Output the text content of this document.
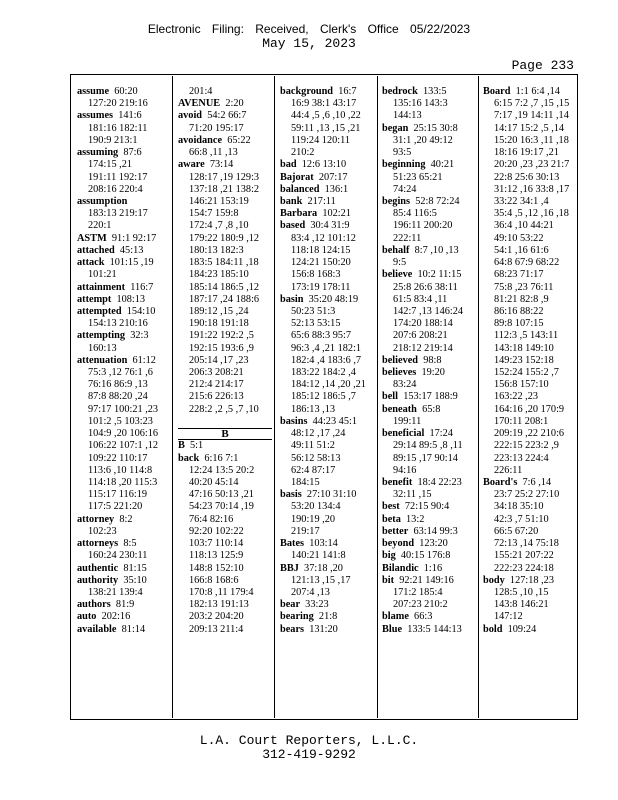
Electronic Filing: Received, Clerk's Office 05/22/2023
May 15, 2023
Page 233
assume 60:20
127:20 219:16
assumes 141:6
181:16 182:11
190:9 213:1
assuming 87:6
174:15 ,21
191:11 192:17
208:16 220:4
assumption
183:13 219:17
220:1
ASTM 91:1 92:17
attached 45:13
attack 101:15 ,19
101:21
attainment 116:7
attempt 108:13
attempted 154:10
154:13 210:16
attempting 32:3
160:13
attenuation 61:12
75:3 ,12 76:1 ,6
76:16 86:9 ,13
87:8 88:20 ,24
97:17 100:21 ,23
101:2 ,5 103:23
104:9 ,20 106:16
106:22 107:1 ,12
109:22 110:17
113:6 ,10 114:8
114:18 ,20 115:3
115:17 116:19
117:5 221:20
attorney 8:2
102:23
attorneys 8:5
160:24 230:11
authentic 81:15
authority 35:10
138:21 139:4
authors 81:9
auto 202:16
available 81:14
201:4
AVENUE 2:20
avoid 54:2 66:7
71:20 195:17
avoidance 65:22
66:8 ,11 ,13
aware 73:14
128:17 ,19 129:3
137:18 ,21 138:2
146:21 153:19
154:7 159:8
172:4 ,7 ,8 ,10
179:22 180:9 ,12
180:13 182:3
183:5 184:11 ,18
184:23 185:10
185:14 186:5 ,12
187:17 ,24 188:6
189:12 ,15 ,24
190:18 191:18
191:22 192:2 ,5
192:15 193:6 ,9
205:14 ,17 ,23
206:3 208:21
212:4 214:17
215:6 226:13
228:2 ,2 ,5 ,7 ,10
B
B 5:1
back 6:16 7:1
12:24 13:5 20:2
40:20 45:14
47:16 50:13 ,21
54:23 70:14 ,19
76:4 82:16
92:20 102:22
103:7 110:14
118:13 125:9
148:8 152:10
166:8 168:6
170:8 ,11 179:4
182:13 191:13
203:2 204:20
209:13 211:4
background 16:7
16:9 38:1 43:17
44:4 ,5 ,6 ,10 ,22
59:11 ,13 ,15 ,21
119:24 120:11
210:2
bad 12:6 13:10
Bajorat 207:17
balanced 136:1
bank 217:11
Barbara 102:21
based 30:4 31:9
83:4 ,12 101:12
118:18 124:15
124:21 150:20
156:8 168:3
173:19 178:11
basin 35:20 48:19
50:23 51:3
52:13 53:15
65:6 88:3 95:7
96:3 ,4 ,21 182:1
182:4 ,4 183:6 ,7
183:22 184:2 ,4
184:12 ,14 ,20 ,21
185:12 186:5 ,7
186:13 ,13
basins 44:23 45:1
48:12 ,17 ,24
49:11 51:2
56:12 58:13
62:4 87:17
184:15
basis 27:10 31:10
53:20 134:4
190:19 ,20
219:17
Bates 103:14
140:21 141:8
BBJ 37:18 ,20
121:13 ,15 ,17
207:4 ,13
bear 33:23
bearing 21:8
bears 131:20
bedrock 133:5
135:16 143:3
144:13
began 25:15 30:8
31:1 ,20 49:12
93:5
beginning 40:21
51:23 65:21
74:24
begins 52:8 72:24
85:4 116:5
196:11 200:20
222:11
behalf 8:7 ,10 ,13
9:5
believe 10:2 11:15
25:8 26:6 38:11
61:5 83:4 ,11
142:7 ,13 146:24
174:20 188:14
207:6 208:21
218:12 219:14
believed 98:8
believes 19:20
83:24
bell 153:17 188:9
beneath 65:8
199:11
beneficial 17:24
29:14 89:5 ,8 ,11
89:15 ,17 90:14
94:16
benefit 18:4 22:23
32:11 ,15
best 72:15 90:4
beta 13:2
better 63:14 99:3
beyond 123:20
big 40:15 176:8
Bilandic 1:16
bit 92:21 149:16
171:2 185:4
207:23 210:2
blame 66:3
Blue 133:5 144:13
Board 1:1 6:4 ,14
6:15 7:2 ,7 ,15 ,15
7:17 ,19 14:11 ,14
14:17 15:2 ,5 ,14
15:20 16:3 ,11 ,18
18:16 19:17 ,21
20:20 ,23 ,23 21:7
22:8 25:6 30:13
31:12 ,16 33:8 ,17
33:22 34:1 ,4
35:4 ,5 ,12 ,16 ,18
36:4 ,10 44:21
49:10 53:22
54:1 ,16 61:6
64:8 67:9 68:22
68:23 71:17
75:8 ,23 76:11
81:21 82:8 ,9
86:16 88:22
89:8 107:15
112:3 ,5 143:11
143:18 149:10
149:23 152:18
152:24 155:2 ,7
156:8 157:10
163:22 ,23
164:16 ,20 170:9
170:11 208:1
209:19 ,22 210:6
222:15 223:2 ,9
223:13 224:4
226:11
Board's 7:6 ,14
23:7 25:2 27:10
34:18 35:10
42:3 ,7 51:10
66:5 67:20
72:13 ,14 75:18
155:21 207:22
222:23 224:18
body 127:18 ,23
128:5 ,10 ,15
143:8 146:21
147:12
bold 109:24
L.A. Court Reporters, L.L.C.
312-419-9292
